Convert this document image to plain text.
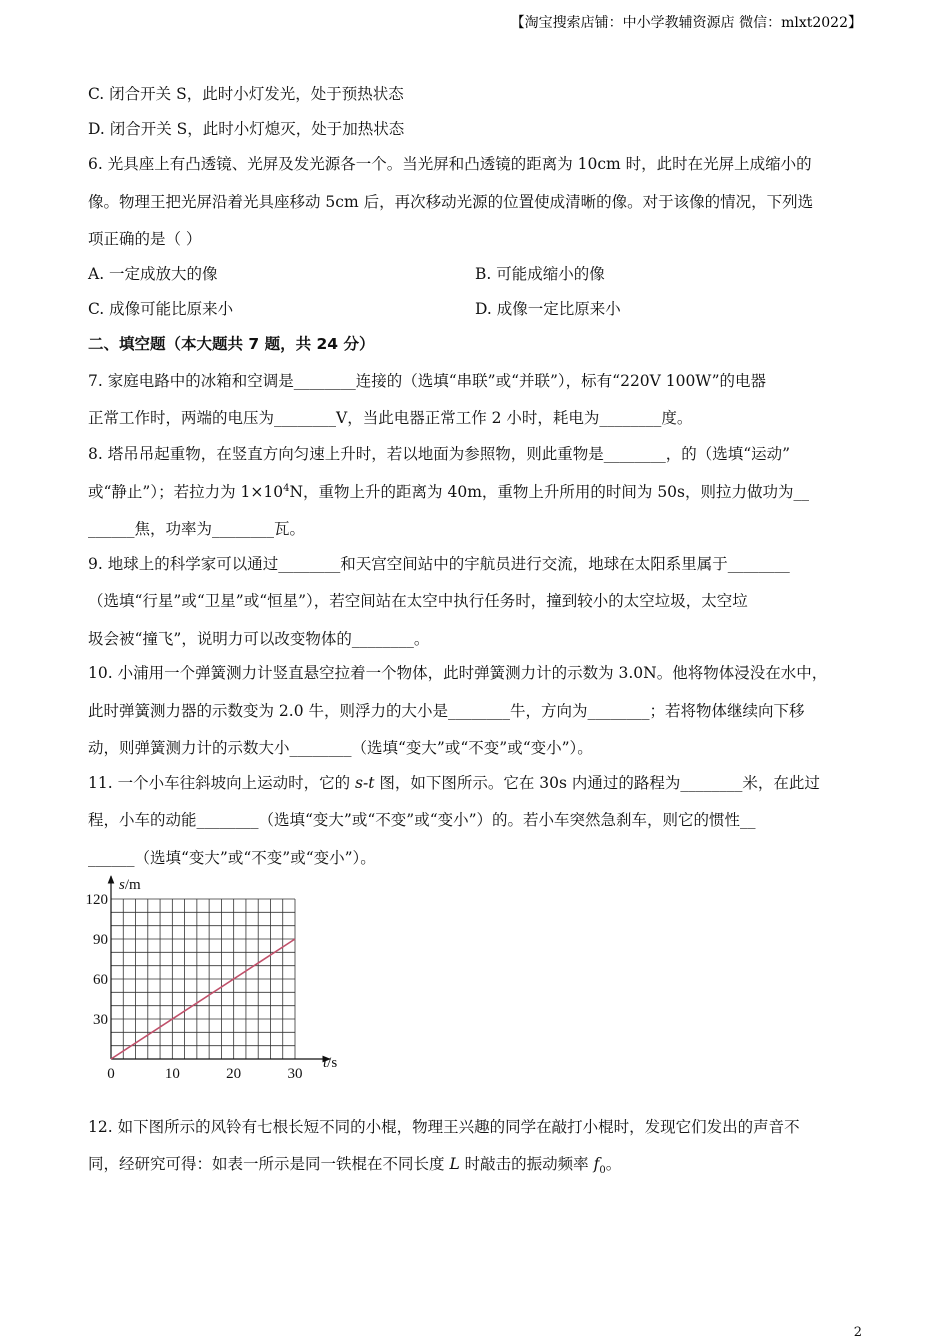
【淘宝搜索店铺：中小学教辅资源店 微信：mlxt2022】
C. 闭合开关 S，此时小灯发光，处于预热状态
D. 闭合开关 S，此时小灯熄灭，处于加热状态
6. 光具座上有凸透镜、光屏及发光源各一个。当光屏和凸透镜的距离为 10cm 时，此时在光屏上成缩小的
像。物理王把光屏沿着光具座移动 5cm 后，再次移动光源的位置使成清晰的像。对于该像的情况，下列选
项正确的是（ ）
A. 一定成放大的像	B. 可能成缩小的像
C. 成像可能比原来小	D. 成像一定比原来小
二、填空题（本大题共 7 题，共 24 分）
7. 家庭电路中的冰箱和空调是________连接的（选填“串联”或“并联”），标有“220V 100W”的电器
正常工作时，两端的电压为________V，当此电器正常工作 2 小时，耗电为________度。
8. 塔吊吊起重物，在竖直方向匀速上升时，若以地面为参照物，则此重物是________，的（选填“运动”
或“静止”）；若拉力为 $1\times 10^4N$，重物上升的距离为 40m，重物上升所用的时间为 50s，则拉力做功为__
______焦，功率为________瓦。
9. 地球上的科学家可以通过________和天宫空间站中的宇航员进行交流，地球在太阳系里属于________
（选填“行星”或“卫星”或“恒星”），若空间站在太空中执行任务时，撞到较小的太空垃圾，太空垃
圾会被“撞飞”，说明力可以改变物体的________。
10. 小浦用一个弹簧测力计竖直悬空拉着一个物体，此时弹簧测力计的示数为 3.0N。他将物体浸没在水中，
此时弹簧测力器的示数变为 2.0 牛，则浮力的大小是________牛，方向为________；若将物体继续向下移
动，则弹簧测力计的示数大小________（选填“变大”或“不变”或“变小”）。
11. 一个小车往斜坡向上运动时，它的 s-t 图，如下图所示。它在 30s 内通过的路程为________米，在此过
程，小车的动能________（选填“变大”或“不变”或“变小”）的。若小车突然急刹车，则它的惯性__
______（选填“变大”或“不变”或“变小”）。
0	10	20	30
30
60
90
120
s/m
t/s
12. 如下图所示的风铃有七根长短不同的小棍，物理王兴趣的同学在敲打小棍时，发现它们发出的声音不
同，经研究可得：如表一所示是同一铁棍在不同长度 L 时敲击的振动频率 $f_0$。
2
